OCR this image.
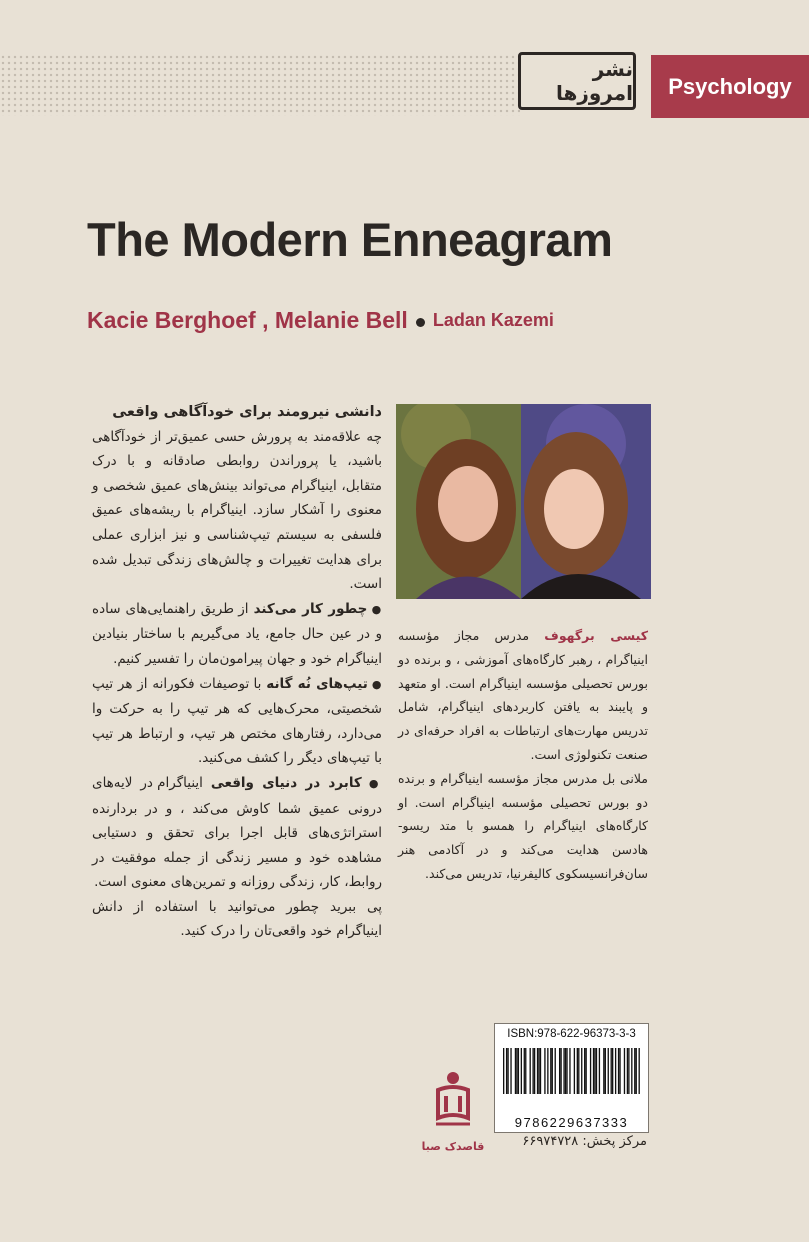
نشر امروزها	Psychology
The Modern Enneagram
Kacie Berghoef , Melanie Bell Ladan Kazemi

دانشی نیرومند برای خودآگاهی واقعی

چه علاقه‌مند به پرورش حسی عمیق‌تر از خودآگاهی باشید، یا پروراندن روابطی صادقانه و با درک متقابل، اینیاگرام می‌تواند بینش‌های عمیق شخصی و معنوی را آشکار سازد. اینیاگرام با ریشه‌های عمیق فلسفی به سیستم تیپ‌شناسی و نیز ابزاری عملی برای هدایت تغییرات و چالش‌های زندگی تبدیل شده است.

● چطور کار می‌کند از طریق راهنمایی‌های ساده و در عین حال جامع، یاد می‌گیریم با ساختار بنیادین اینیاگرام خود و جهان پیرامون‌مان را تفسیر کنیم.

● تیپ‌های نُه گانه با توصیفات فکورانه از هر تیپ شخصیتی، محرک‌هایی که هر تیپ را به حرکت وا می‌دارد، رفتارهای مختص هر تیپ، و ارتباط هر تیپ با تیپ‌های دیگر را کشف می‌کنید.

● کابرد در دنیای واقعی اینیاگرام در لایه‌های درونی عمیق شما کاوش می‌کند ، و در بردارنده استراتژی‌های قابل اجرا برای تحقق و دستیابی مشاهده خود و مسیر زندگی از جمله موفقیت در روابط، کار، زندگی روزانه و تمرین‌های معنوی است.

پی ببرید چطور می‌توانید با استفاده از دانش اینیاگرام خود واقعی‌تان را درک کنید.

کیسی برگهوف مدرس مجاز مؤسسه اینیاگرام ، رهبر کارگاه‌های آموزشی ، و برنده دو بورس تحصیلی مؤسسه اینیاگرام است. او متعهد و پایبند به یافتن کاربردهای اینیاگرام، شامل تدریس مهارت‌های ارتباطات به افراد حرفه‌ای در صنعت تکنولوژی است.

ملانی بل مدرس مجاز مؤسسه اینیاگرام و برنده دو بورس تحصیلی مؤسسه اینیاگرام است. او کارگاه‌های اینیاگرام را همسو با متد ریسو-هادسن هدایت می‌کند و در آکادمی هنر سان‌فرانسیسکوی کالیفرنیا، تدریس می‌کند.

ISBN:978-622-96373-3-3
9786229637333
مرکز پخش: ۶۶۹۷۴۷۲۸
قاصدک صبا
